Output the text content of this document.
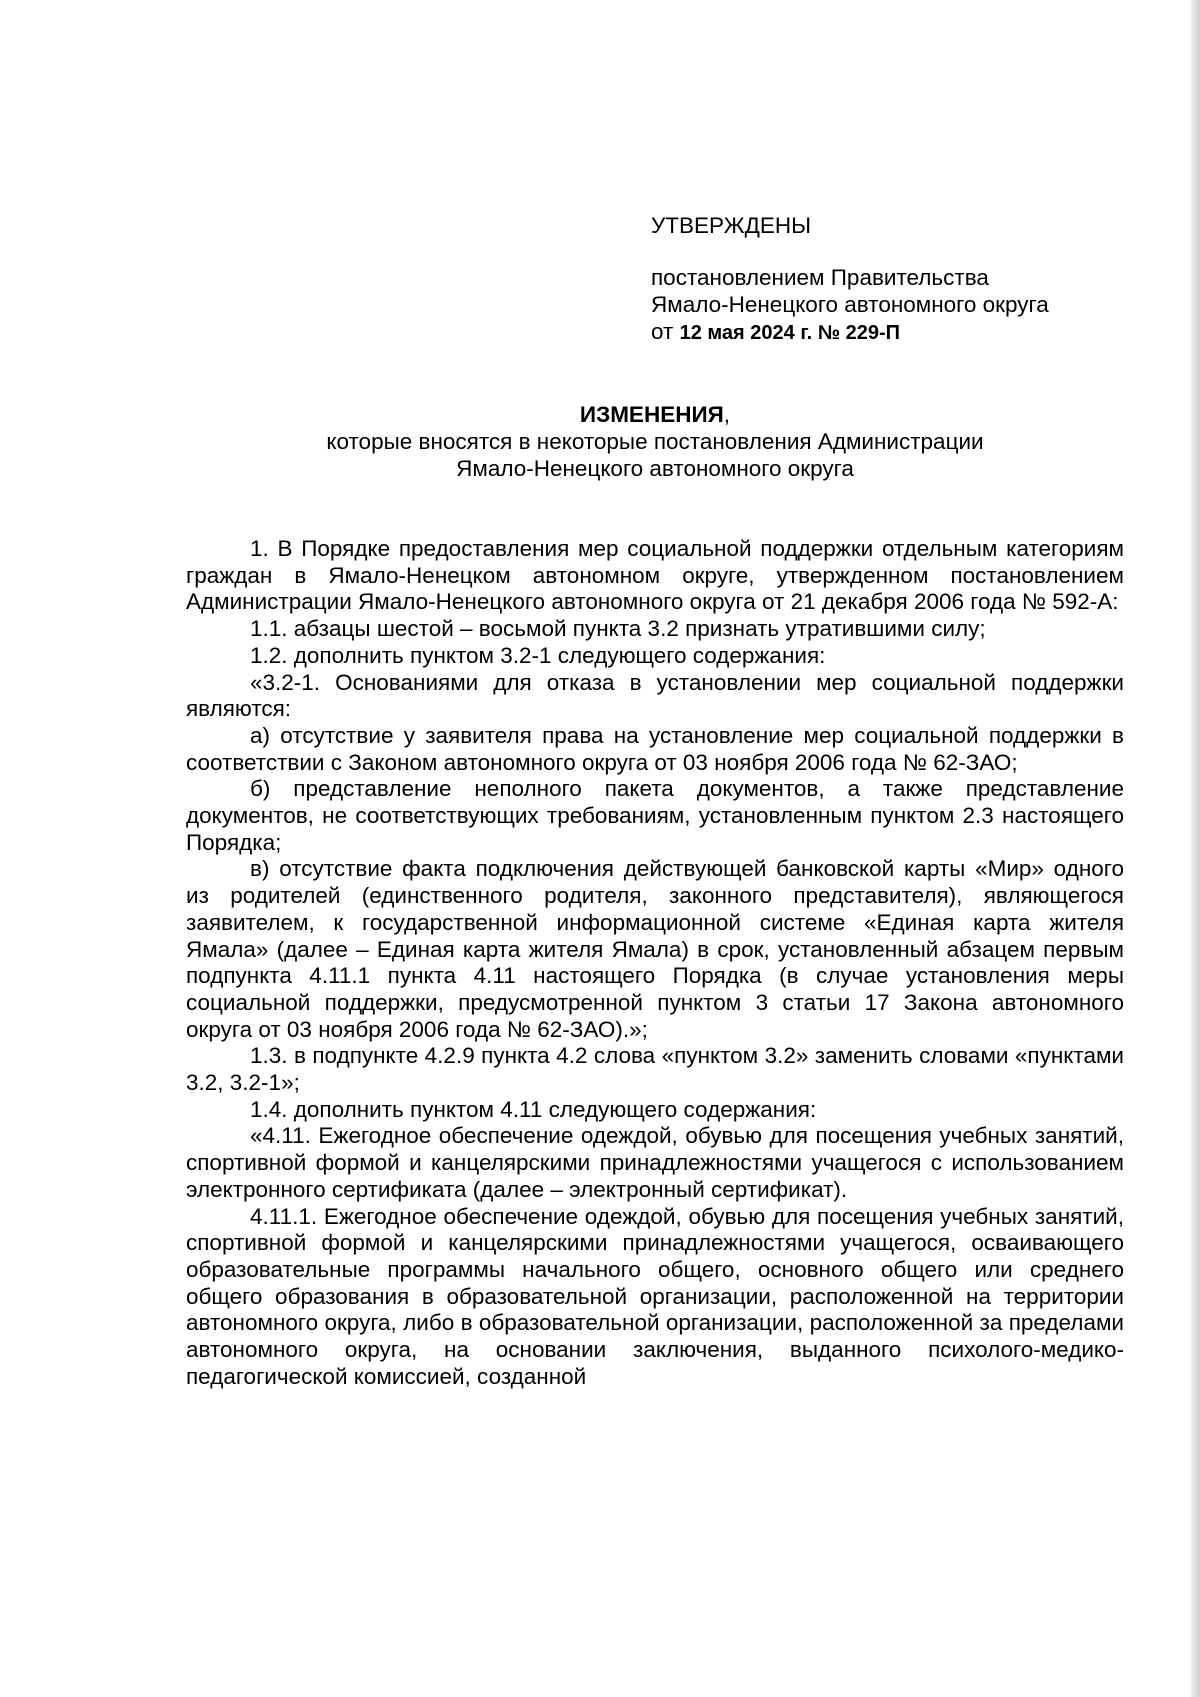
УТВЕРЖДЕНЫ
постановлением Правительства
Ямало-Ненецкого автономного округа
от 12 мая 2024 г. № 229-П
ИЗМЕНЕНИЯ,
которые вносятся в некоторые постановления Администрации
Ямало-Ненецкого автономного округа

1. В Порядке предоставления мер социальной поддержки отдельным категориям граждан в Ямало-Ненецком автономном округе, утвержденном постановлением Администрации Ямало-Ненецкого автономного округа от 21 декабря 2006 года № 592-А:

1.1. абзацы шестой – восьмой пункта 3.2 признать утратившими силу;

1.2. дополнить пунктом 3.2-1 следующего содержания:

«3.2-1. Основаниями для отказа в установлении мер социальной поддержки являются:

а) отсутствие у заявителя права на установление мер социальной поддержки в соответствии с Законом автономного округа от 03 ноября 2006 года № 62-ЗАО;

б) представление неполного пакета документов, а также представление документов, не соответствующих требованиям, установленным пунктом 2.3 настоящего Порядка;

в) отсутствие факта подключения действующей банковской карты «Мир» одного из родителей (единственного родителя, законного представителя), являющегося заявителем, к государственной информационной системе «Единая карта жителя Ямала» (далее – Единая карта жителя Ямала) в срок, установленный абзацем первым подпункта 4.11.1 пункта 4.11 настоящего Порядка (в случае установления меры социальной поддержки, предусмотренной пунктом 3 статьи 17 Закона автономного округа от 03 ноября 2006 года № 62-ЗАО).»;

1.3. в подпункте 4.2.9 пункта 4.2 слова «пунктом 3.2» заменить словами «пунктами 3.2, 3.2-1»;

1.4. дополнить пунктом 4.11 следующего содержания:

«4.11. Ежегодное обеспечение одеждой, обувью для посещения учебных занятий, спортивной формой и канцелярскими принадлежностями учащегося с использованием электронного сертификата (далее – электронный сертификат).

4.11.1. Ежегодное обеспечение одеждой, обувью для посещения учебных занятий, спортивной формой и канцелярскими принадлежностями учащегося, осваивающего образовательные программы начального общего, основного общего или среднего общего образования в образовательной организации, расположенной на территории автономного округа, либо в образовательной организации, расположенной за пределами автономного округа, на основании заключения, выданного психолого-медико-педагогической комиссией, созданной
